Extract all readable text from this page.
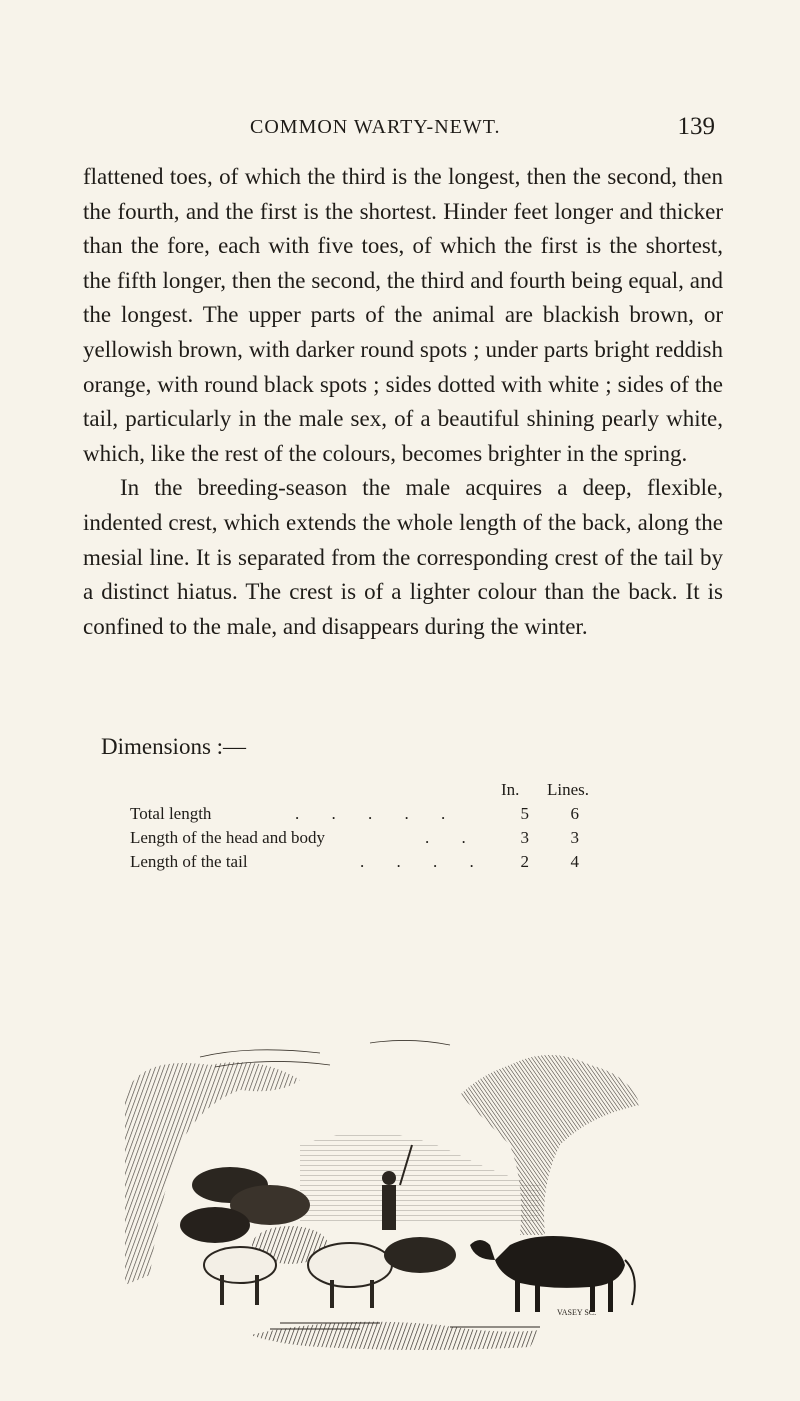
COMMON WARTY-NEWT.	139

flattened toes, of which the third is the longest, then the second, then the fourth, and the first is the shortest. Hinder feet longer and thicker than the fore, each with five toes, of which the first is the shortest, the fifth longer, then the second, the third and fourth being equal, and the longest. The upper parts of the animal are blackish brown, or yellowish brown, with darker round spots ; under parts bright reddish orange, with round black spots ; sides dotted with white ; sides of the tail, particularly in the male sex, of a beautiful shining pearly white, which, like the rest of the colours, becomes brighter in the spring.

In the breeding-season the male acquires a deep, flexible, indented crest, which extends the whole length of the back, along the mesial line. It is separated from the corresponding crest of the tail by a distinct hiatus. The crest is of a lighter colour than the back. It is confined to the male, and disappears during the winter.

Dimensions :—
In. Lines.
Total length	. . . . .	5	6
Length of the head and body	. .	3	3
Length of the tail	. . . .	2	4
VASEY SC.
